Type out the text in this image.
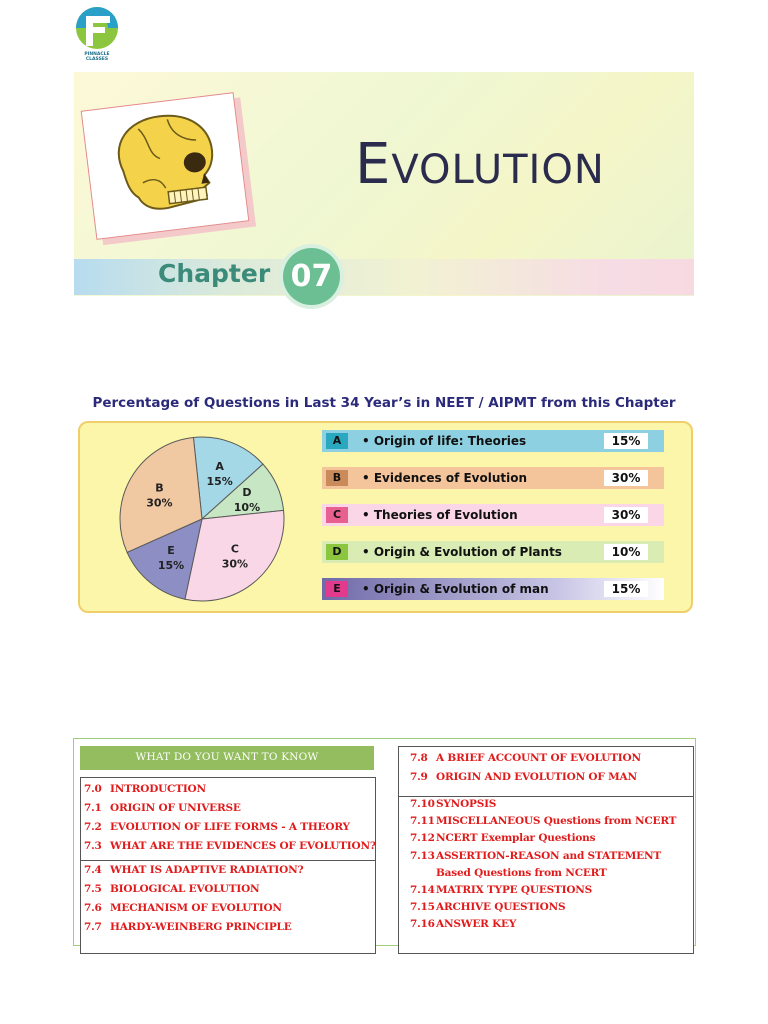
PINNACLE
CLASSES
EVOLUTION
Chapter 07
Percentage of Questions in Last 34 Year’s in NEET / AIPMT from this Chapter
A
15%
D
10%
C
30%
E
15%
B
30%
A	• Origin of life: Theories	15%
B	• Evidences of Evolution	30%
C	• Theories of Evolution	30%
D	• Origin & Evolution of Plants	10%
E	• Origin & Evolution of man	15%
WHAT DO YOU WANT TO KNOW
7.0 INTRODUCTION
7.1 ORIGIN OF UNIVERSE
7.2 EVOLUTION OF LIFE FORMS - A THEORY
7.3 WHAT ARE THE EVIDENCES OF EVOLUTION?
7.4 WHAT IS ADAPTIVE RADIATION?
7.5 BIOLOGICAL EVOLUTION
7.6 MECHANISM OF EVOLUTION
7.7 HARDY-WEINBERG PRINCIPLE
7.8 A BRIEF ACCOUNT OF EVOLUTION
7.9 ORIGIN AND EVOLUTION OF MAN
7.10SYNOPSIS
7.11MISCELLANEOUS Questions from NCERT
7.12NCERT Exemplar Questions
7.13ASSERTION-REASON and STATEMENT
Based Questions from NCERT
7.14MATRIX TYPE QUESTIONS
7.15ARCHIVE QUESTIONS
7.16ANSWER KEY
